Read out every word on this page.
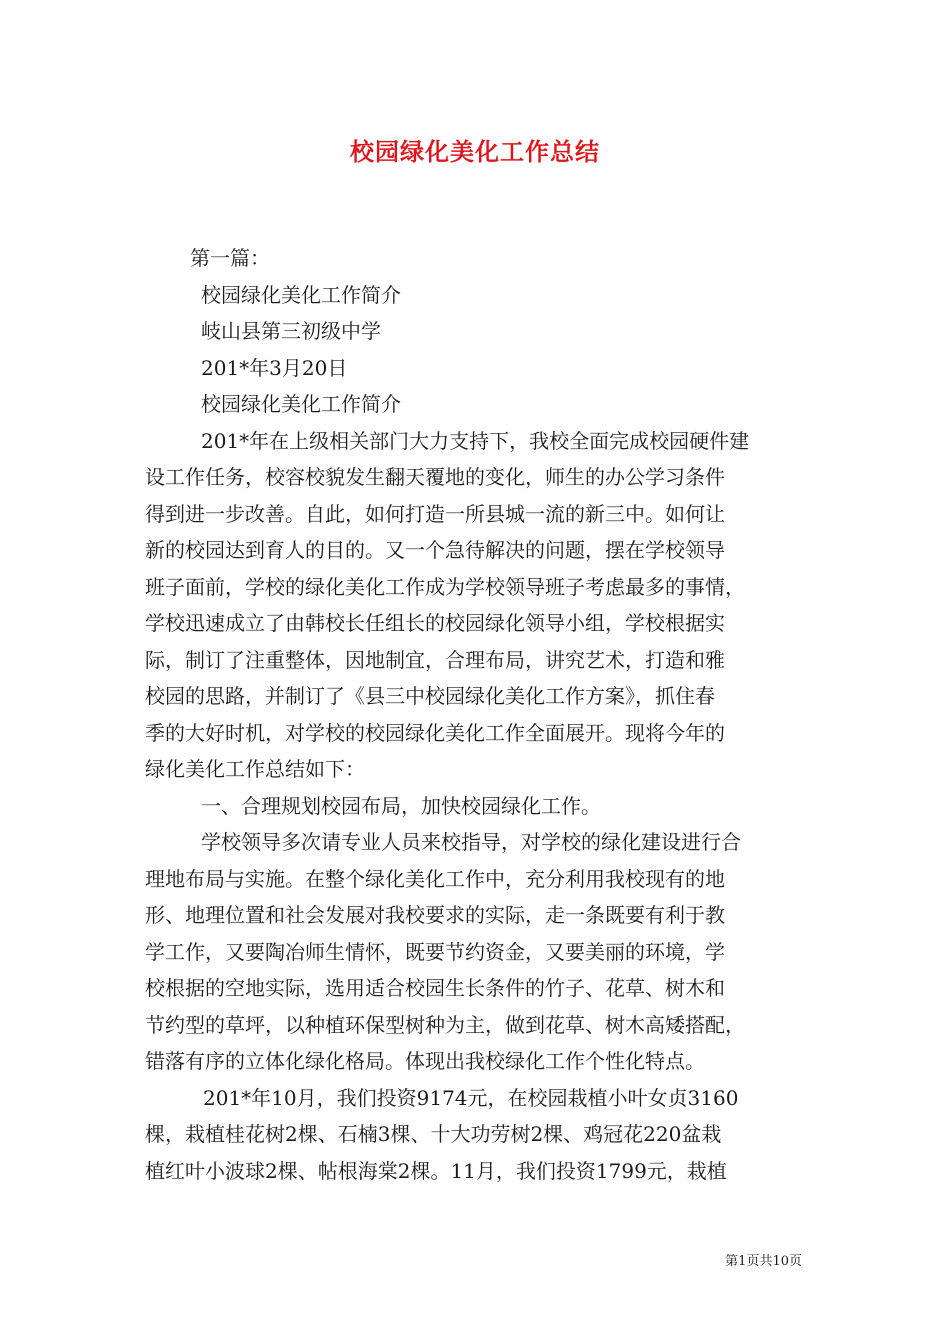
校园绿化美化工作总结
第一篇：
校园绿化美化工作简介
岐山县第三初级中学
201*年3月20日
校园绿化美化工作简介
201*年在上级相关部门大力支持下，我校全面完成校园硬件建
设工作任务，校容校貌发生翻天覆地的变化，师生的办公学习条件
得到进一步改善。自此，如何打造一所县城一流的新三中。如何让
新的校园达到育人的目的。又一个急待解决的问题，摆在学校领导
班子面前，学校的绿化美化工作成为学校领导班子考虑最多的事情，
学校迅速成立了由韩校长任组长的校园绿化领导小组，学校根据实
际，制订了注重整体，因地制宜，合理布局，讲究艺术，打造和雅
校园的思路，并制订了《县三中校园绿化美化工作方案》，抓住春
季的大好时机，对学校的校园绿化美化工作全面展开。现将今年的
绿化美化工作总结如下：
一、合理规划校园布局，加快校园绿化工作。
学校领导多次请专业人员来校指导，对学校的绿化建设进行合
理地布局与实施。在整个绿化美化工作中，充分利用我校现有的地
形、地理位置和社会发展对我校要求的实际，走一条既要有利于教
学工作，又要陶冶师生情怀，既要节约资金，又要美丽的环境，学
校根据的空地实际，选用适合校园生长条件的竹子、花草、树木和
节约型的草坪，以种植环保型树种为主，做到花草、树木高矮搭配，
错落有序的立体化绿化格局。体现出我校绿化工作个性化特点。
201*年10月，我们投资9174元，在校园栽植小叶女贞3160
棵，栽植桂花树2棵、石楠3棵、十大功劳树2棵、鸡冠花220盆栽
植红叶小波球2棵、帖根海棠2棵。11月，我们投资1799元，栽植
第1页共10页
